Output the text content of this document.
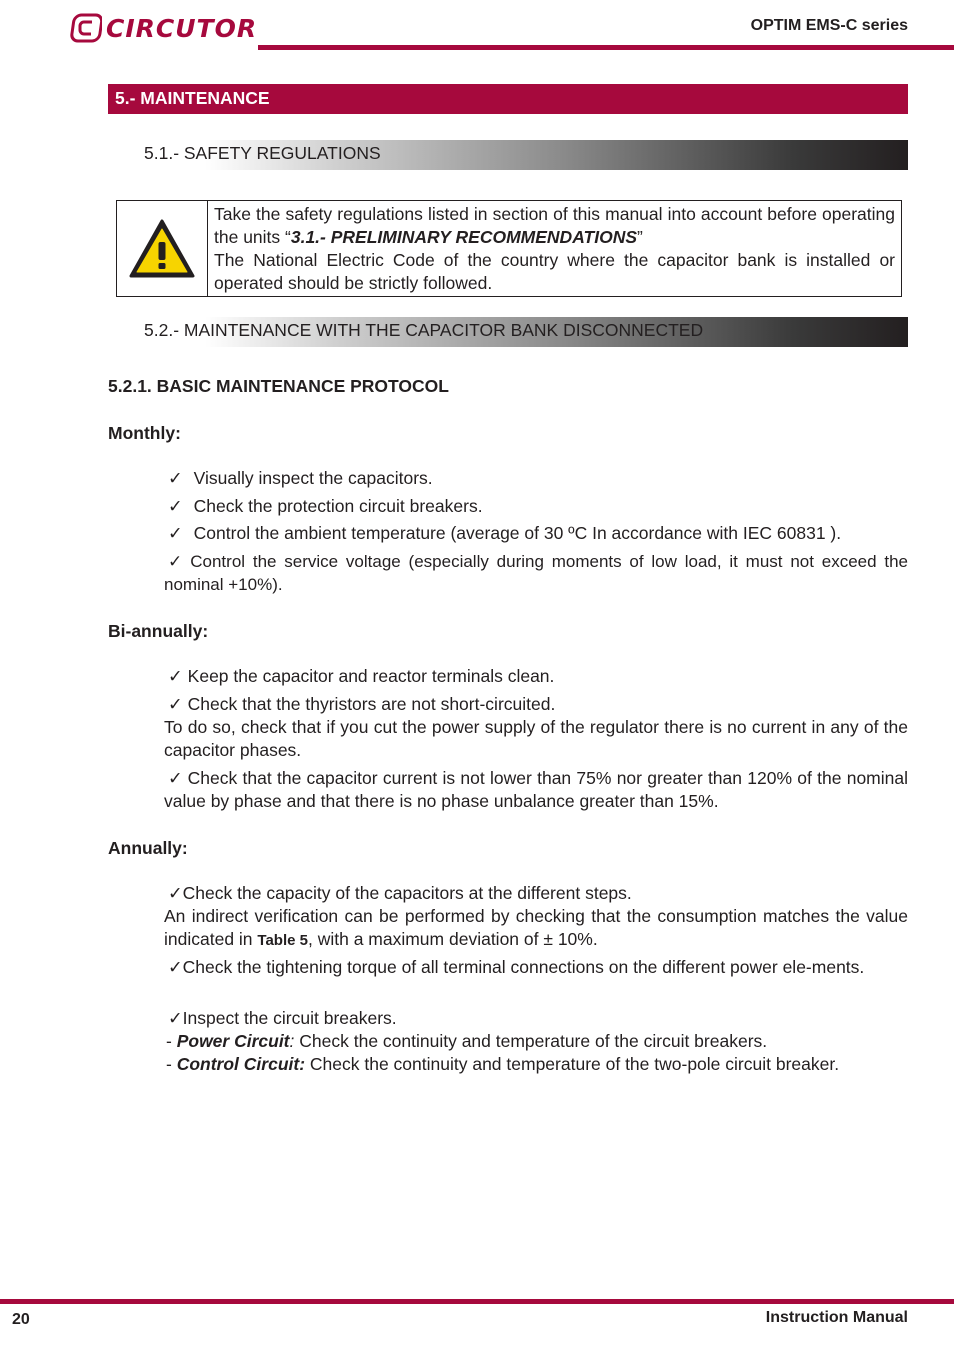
CIRCUTOR	OPTIM EMS-C series
5.- MAINTENANCE
5.1.- SAFETY REGULATIONS
Take the safety regulations listed in section of this manual into account before operating the units “3.1.- PRELIMINARY RECOMMENDATIONS”
The National Electric Code of the country where the capacitor bank is installed or operated should be strictly followed.
5.2.- MAINTENANCE WITH THE CAPACITOR BANK DISCONNECTED
5.2.1. BASIC MAINTENANCE PROTOCOL
Monthly:
✓ Visually inspect the capacitors.
✓ Check the protection circuit breakers.
✓ Control the ambient temperature (average of 30 ºC In accordance with IEC 60831 ).
✓ Control the service voltage (especially during moments of low load, it must not exceed the nominal +10%).
Bi-annually:
✓ Keep the capacitor and reactor terminals clean.
✓ Check that the thyristors are not short-circuited.
To do so, check that if you cut the power supply of the regulator there is no current in any of the capacitor phases.
✓ Check that the capacitor current is not lower than 75% nor greater than 120% of the nominal value by phase and that there is no phase unbalance greater than 15%.
Annually:
✓Check the capacity of the capacitors at the different steps.
An indirect verification can be performed by checking that the consumption matches the value indicated in Table 5, with a maximum deviation of ± 10%.
✓Check the tightening torque of all terminal connections on the different power ele-ments.
✓Inspect the circuit breakers.
- Power Circuit: Check the continuity and temperature of the circuit breakers.
- Control Circuit: Check the continuity and temperature of the two-pole circuit breaker.
20	Instruction Manual
